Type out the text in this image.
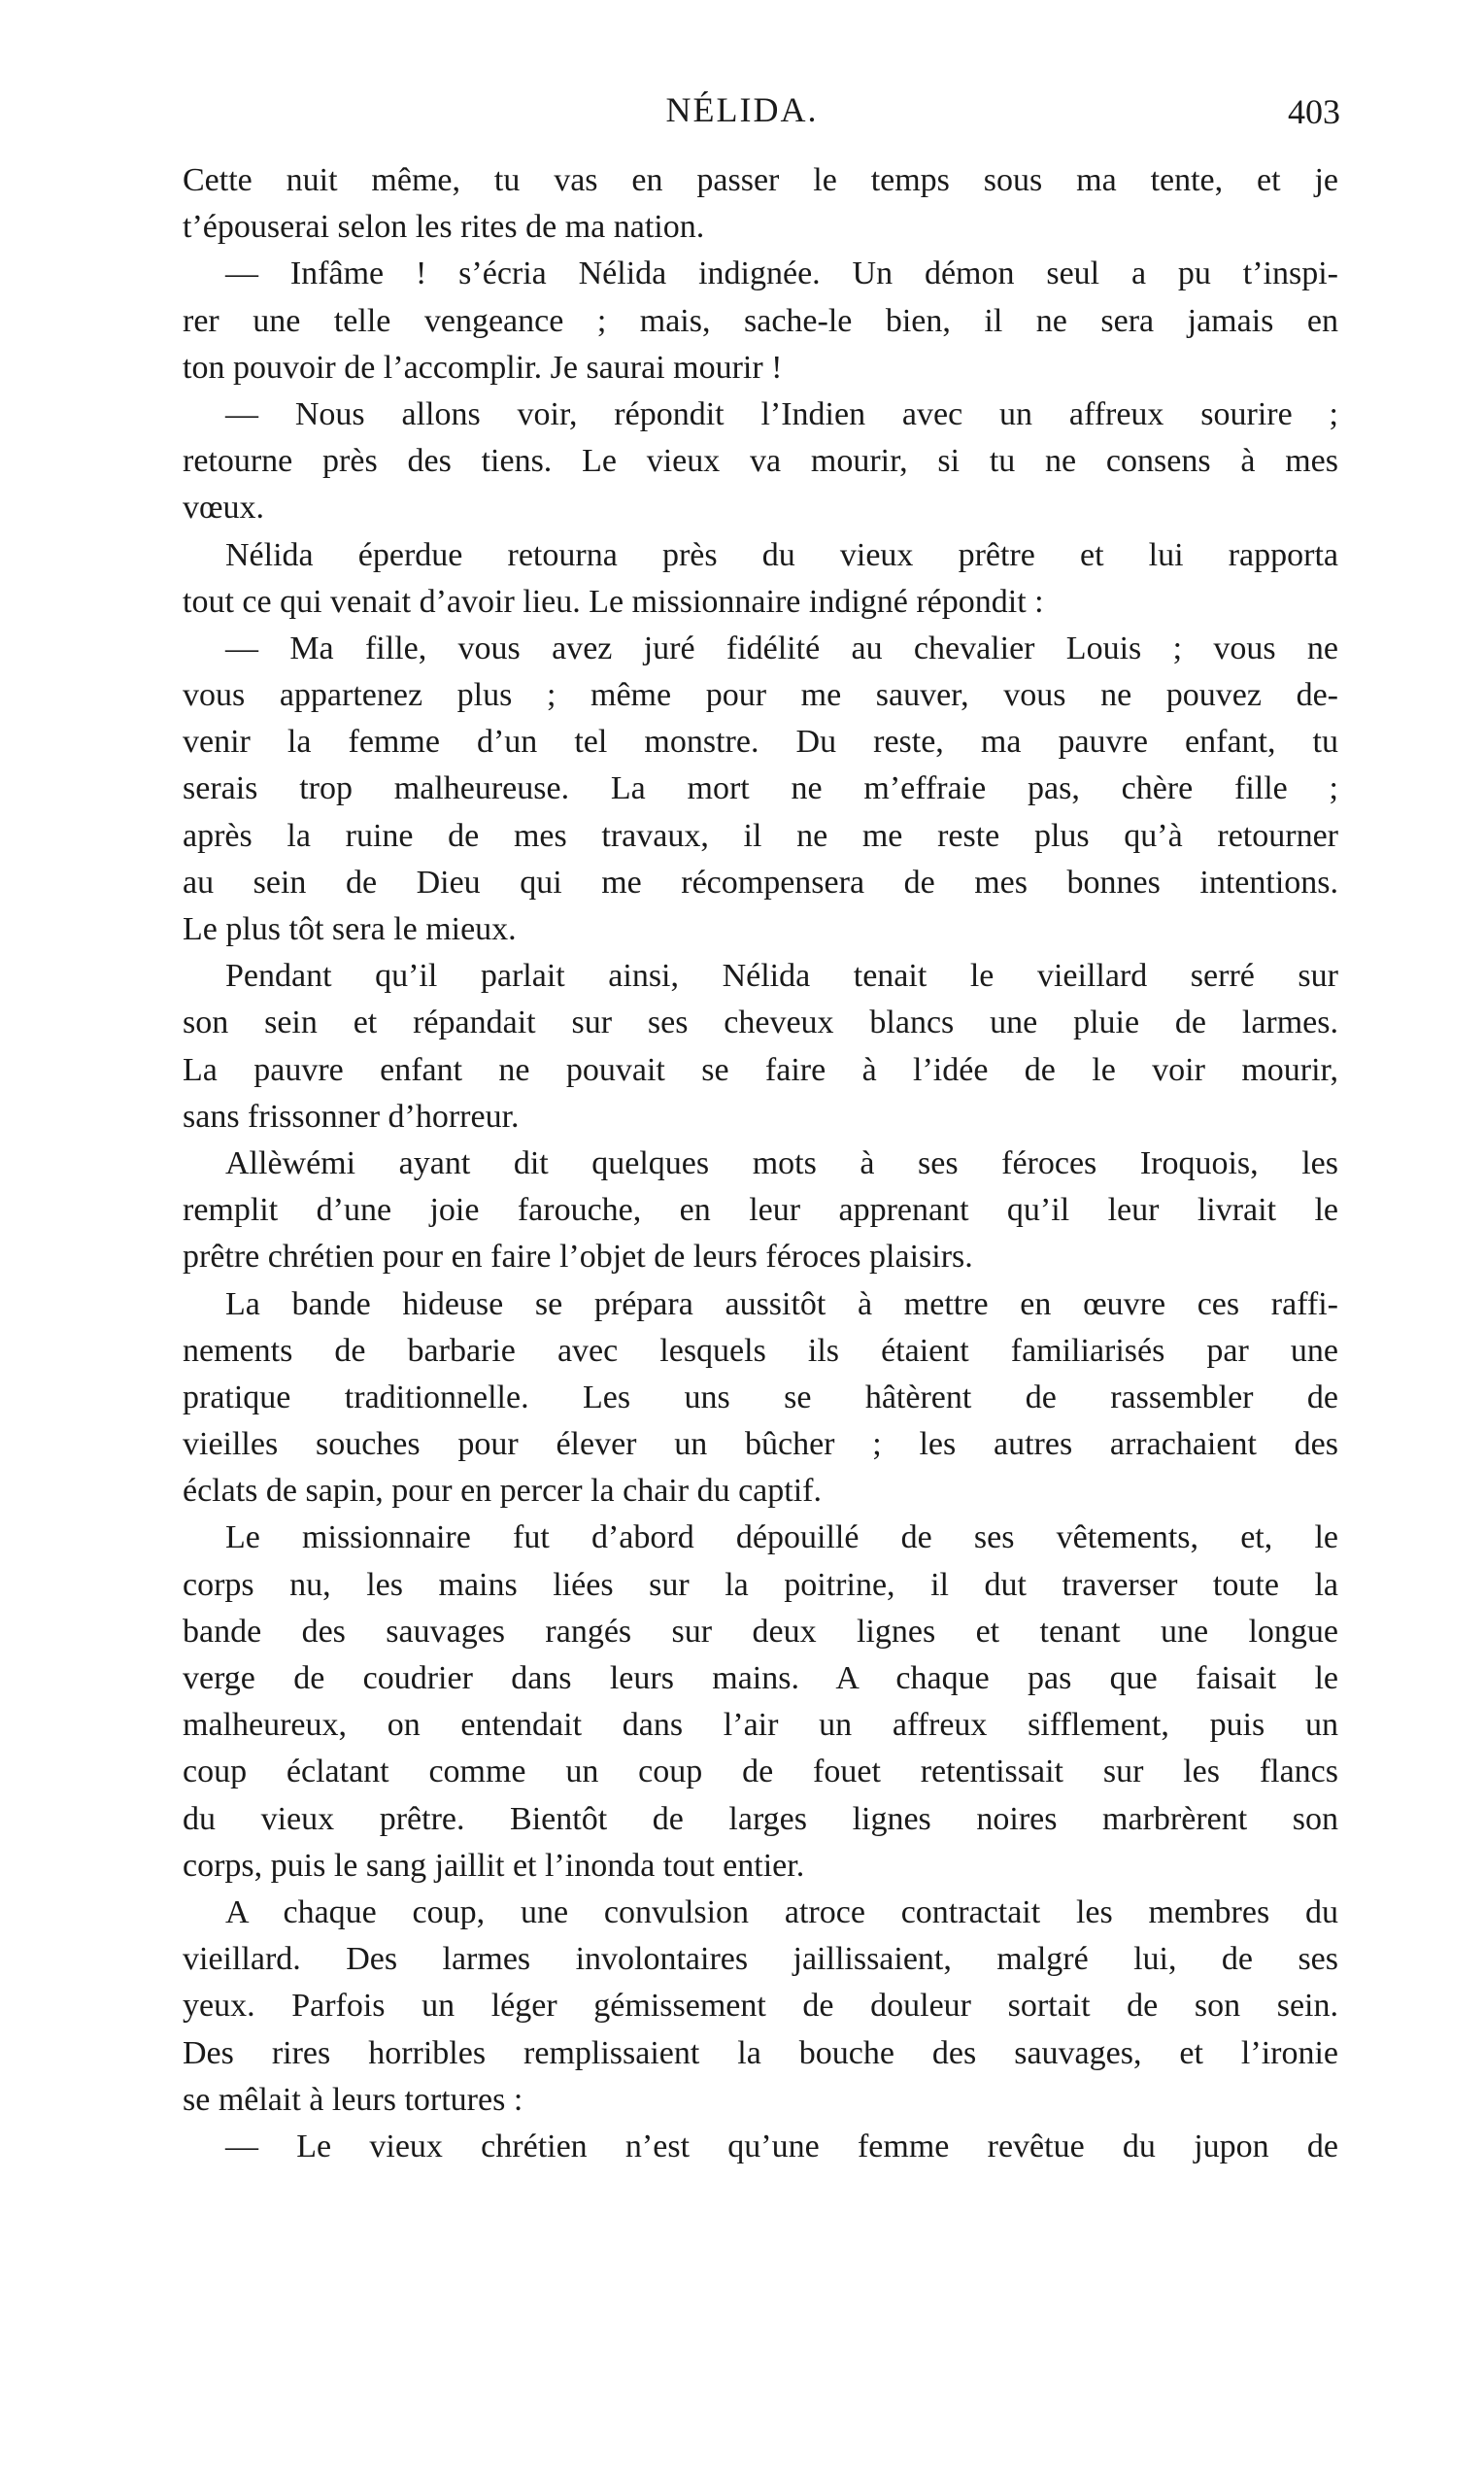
NÉLIDA.	403
Cette nuit même, tu vas en passer le temps sous ma tente, et je
t’épouserai selon les rites de ma nation.
— Infâme ! s’écria Nélida indignée. Un démon seul a pu t’inspi-
rer une telle vengeance ; mais, sache-le bien, il ne sera jamais en
ton pouvoir de l’accomplir. Je saurai mourir !
— Nous allons voir, répondit l’Indien avec un affreux sourire ;
retourne près des tiens. Le vieux va mourir, si tu ne consens à mes
vœux.
Nélida éperdue retourna près du vieux prêtre et lui rapporta
tout ce qui venait d’avoir lieu. Le missionnaire indigné répondit :
— Ma fille, vous avez juré fidélité au chevalier Louis ; vous ne
vous appartenez plus ; même pour me sauver, vous ne pouvez de-
venir la femme d’un tel monstre. Du reste, ma pauvre enfant, tu
serais trop malheureuse. La mort ne m’effraie pas, chère fille ;
après la ruine de mes travaux, il ne me reste plus qu’à retourner
au sein de Dieu qui me récompensera de mes bonnes intentions.
Le plus tôt sera le mieux.
Pendant qu’il parlait ainsi, Nélida tenait le vieillard serré sur
son sein et répandait sur ses cheveux blancs une pluie de larmes.
La pauvre enfant ne pouvait se faire à l’idée de le voir mourir,
sans frissonner d’horreur.
Allèwémi ayant dit quelques mots à ses féroces Iroquois, les
remplit d’une joie farouche, en leur apprenant qu’il leur livrait le
prêtre chrétien pour en faire l’objet de leurs féroces plaisirs.
La bande hideuse se prépara aussitôt à mettre en œuvre ces raffi-
nements de barbarie avec lesquels ils étaient familiarisés par une
pratique traditionnelle. Les uns se hâtèrent de rassembler de
vieilles souches pour élever un bûcher ; les autres arrachaient des
éclats de sapin, pour en percer la chair du captif.
Le missionnaire fut d’abord dépouillé de ses vêtements, et, le
corps nu, les mains liées sur la poitrine, il dut traverser toute la
bande des sauvages rangés sur deux lignes et tenant une longue
verge de coudrier dans leurs mains. A chaque pas que faisait le
malheureux, on entendait dans l’air un affreux sifflement, puis un
coup éclatant comme un coup de fouet retentissait sur les flancs
du vieux prêtre. Bientôt de larges lignes noires marbrèrent son
corps, puis le sang jaillit et l’inonda tout entier.
A chaque coup, une convulsion atroce contractait les membres du
vieillard. Des larmes involontaires jaillissaient, malgré lui, de ses
yeux. Parfois un léger gémissement de douleur sortait de son sein.
Des rires horribles remplissaient la bouche des sauvages, et l’ironie
se mêlait à leurs tortures :
— Le vieux chrétien n’est qu’une femme revêtue du jupon de
